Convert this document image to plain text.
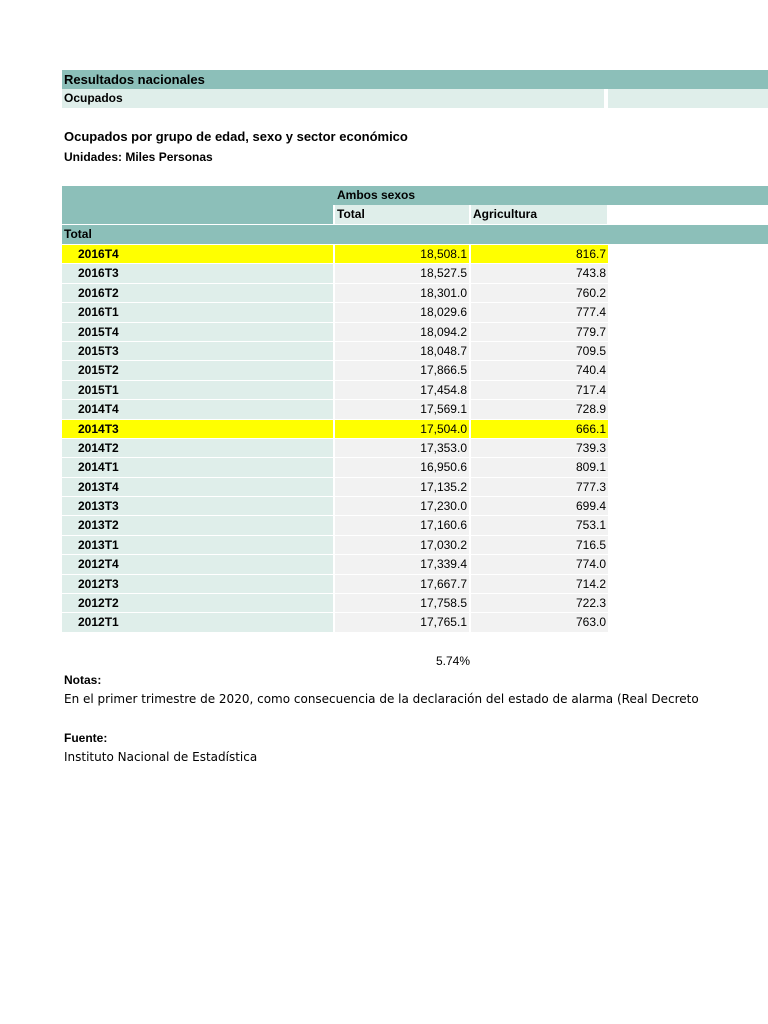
Resultados nacionales
Ocupados
Ocupados por grupo de edad, sexo y sector económico
Unidades: Miles Personas
Ambos sexos
Total	Agricultura
Total
2016T4	18,508.1	816.7
2016T3	18,527.5	743.8
2016T2	18,301.0	760.2
2016T1	18,029.6	777.4
2015T4	18,094.2	779.7
2015T3	18,048.7	709.5
2015T2	17,866.5	740.4
2015T1	17,454.8	717.4
2014T4	17,569.1	728.9
2014T3	17,504.0	666.1
2014T2	17,353.0	739.3
2014T1	16,950.6	809.1
2013T4	17,135.2	777.3
2013T3	17,230.0	699.4
2013T2	17,160.6	753.1
2013T1	17,030.2	716.5
2012T4	17,339.4	774.0
2012T3	17,667.7	714.2
2012T2	17,758.5	722.3
2012T1	17,765.1	763.0
5.74%
Notas:
En el primer trimestre de 2020, como consecuencia de la declaración del estado de alarma (Real Decreto
Fuente:
Instituto Nacional de Estadística
